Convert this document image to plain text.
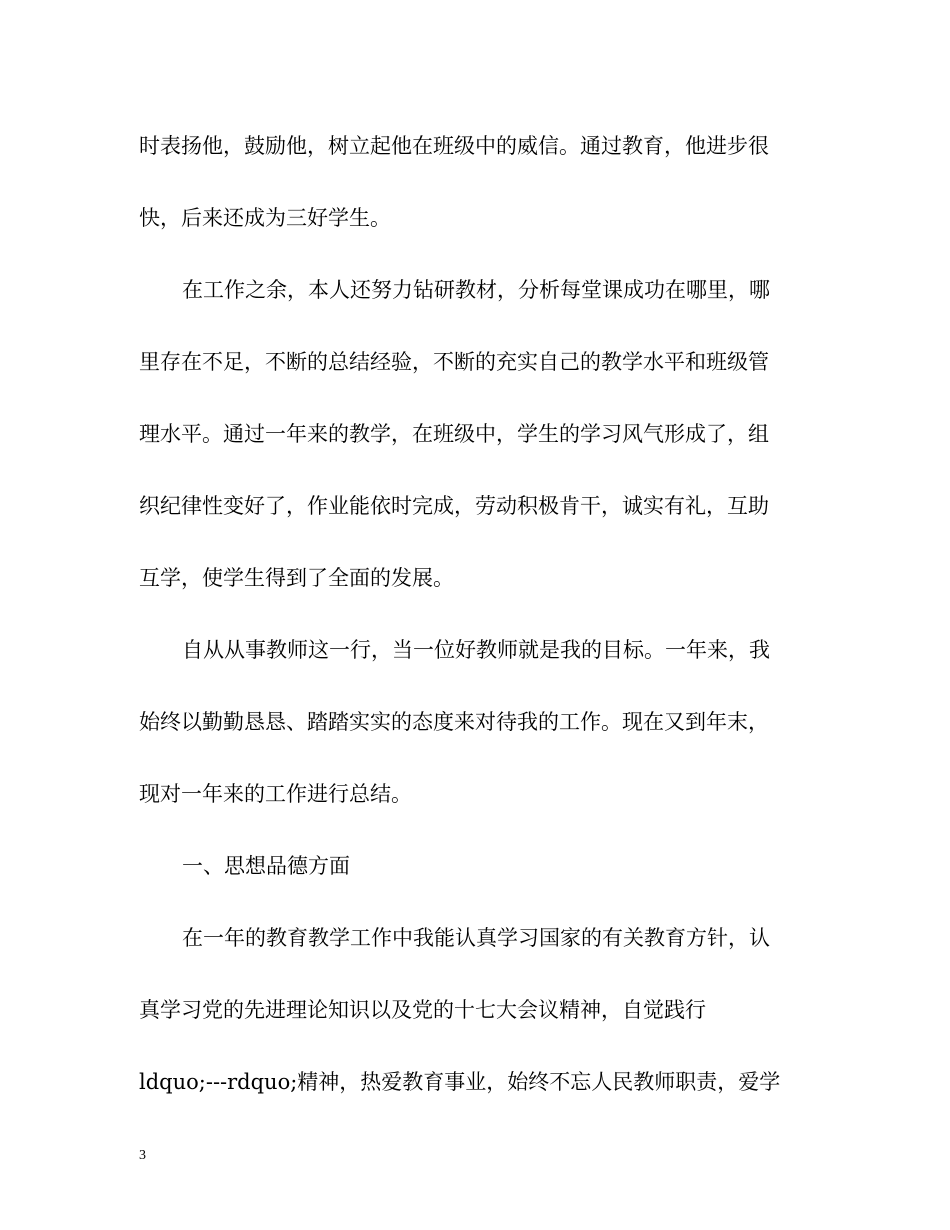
时表扬他，鼓励他，树立起他在班级中的威信。通过教育，他进步很
快，后来还成为三好学生。
在工作之余，本人还努力钻研教材，分析每堂课成功在哪里，哪
里存在不足，不断的总结经验，不断的充实自己的教学水平和班级管
理水平。通过一年来的教学，在班级中，学生的学习风气形成了，组
织纪律性变好了，作业能依时完成，劳动积极肯干，诚实有礼，互助
互学，使学生得到了全面的发展。
自从从事教师这一行，当一位好教师就是我的目标。一年来，我
始终以勤勤恳恳、踏踏实实的态度来对待我的工作。现在又到年末，
现对一年来的工作进行总结。
一、思想品德方面
在一年的教育教学工作中我能认真学习国家的有关教育方针，认
真学习党的先进理论知识以及党的十七大会议精神，自觉践行
ldquo;---rdquo;精神，热爱教育事业，始终不忘人民教师职责，爱学
3
